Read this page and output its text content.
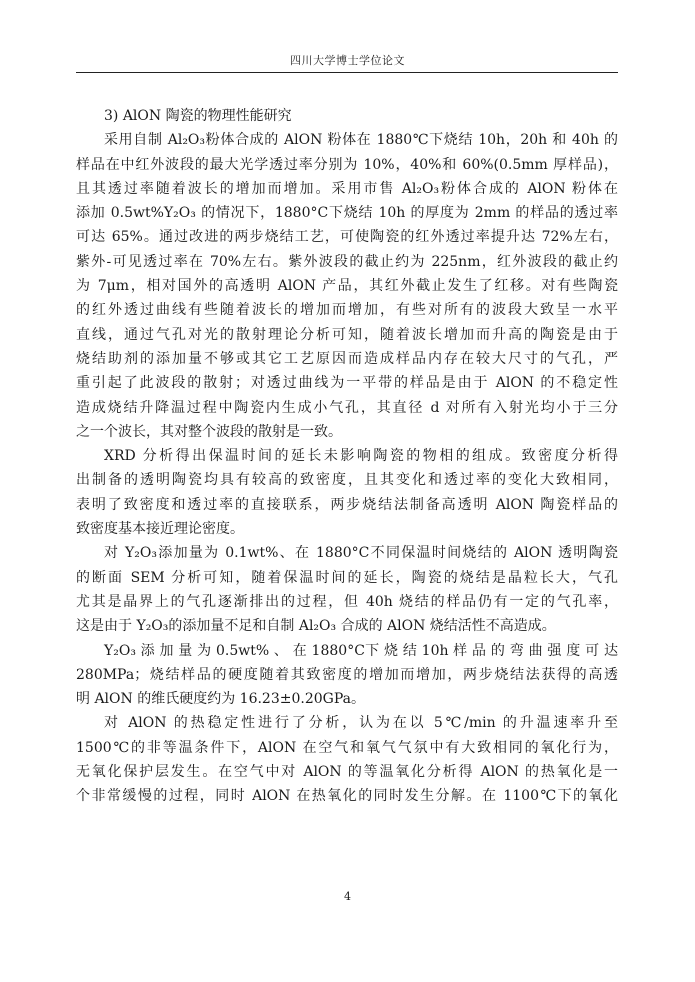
四川大学博士学位论文
3) AlON 陶瓷的物理性能研究
采用自制 Al₂O₃粉体合成的 AlON 粉体在 1880℃下烧结 10h，20h 和 40h 的
样品在中红外波段的最大光学透过率分别为 10%，40%和 60%(0.5mm 厚样品)，
且其透过率随着波长的增加而增加。采用市售 Al₂O₃粉体合成的 AlON 粉体在
添加 0.5wt%Y₂O₃ 的情况下，1880°C下烧结 10h 的厚度为 2mm 的样品的透过率
可达 65%。通过改进的两步烧结工艺，可使陶瓷的红外透过率提升达 72%左右，
紫外-可见透过率在 70%左右。紫外波段的截止约为 225nm，红外波段的截止约
为 7μm，相对国外的高透明 AlON 产品，其红外截止发生了红移。对有些陶瓷
的红外透过曲线有些随着波长的增加而增加，有些对所有的波段大致呈一水平
直线，通过气孔对光的散射理论分析可知，随着波长增加而升高的陶瓷是由于
烧结助剂的添加量不够或其它工艺原因而造成样品内存在较大尺寸的气孔，严
重引起了此波段的散射；对透过曲线为一平带的样品是由于 AlON 的不稳定性
造成烧结升降温过程中陶瓷内生成小气孔，其直径 d 对所有入射光均小于三分
之一个波长，其对整个波段的散射是一致。
XRD 分析得出保温时间的延长未影响陶瓷的物相的组成。致密度分析得
出制备的透明陶瓷均具有较高的致密度，且其变化和透过率的变化大致相同，
表明了致密度和透过率的直接联系，两步烧结法制备高透明 AlON 陶瓷样品的
致密度基本接近理论密度。
对 Y₂O₃添加量为 0.1wt%、在 1880°C不同保温时间烧结的 AlON 透明陶瓷
的断面 SEM 分析可知，随着保温时间的延长，陶瓷的烧结是晶粒长大，气孔
尤其是晶界上的气孔逐渐排出的过程，但 40h 烧结的样品仍有一定的气孔率，
这是由于 Y₂O₃的添加量不足和自制 Al₂O₃ 合成的 AlON 烧结活性不高造成。
Y₂O₃ 添 加 量 为 0.5wt% 、 在 1880°C下 烧 结 10h 样 品 的 弯 曲 强 度 可 达
280MPa；烧结样品的硬度随着其致密度的增加而增加，两步烧结法获得的高透
明 AlON 的维氏硬度约为 16.23±0.20GPa。
对 AlON 的热稳定性进行了分析，认为在以 5℃/min 的升温速率升至
1500℃的非等温条件下，AlON 在空气和氧气气氛中有大致相同的氧化行为，
无氧化保护层发生。在空气中对 AlON 的等温氧化分析得 AlON 的热氧化是一
个非常缓慢的过程，同时 AlON 在热氧化的同时发生分解。在 1100℃下的氧化
4
